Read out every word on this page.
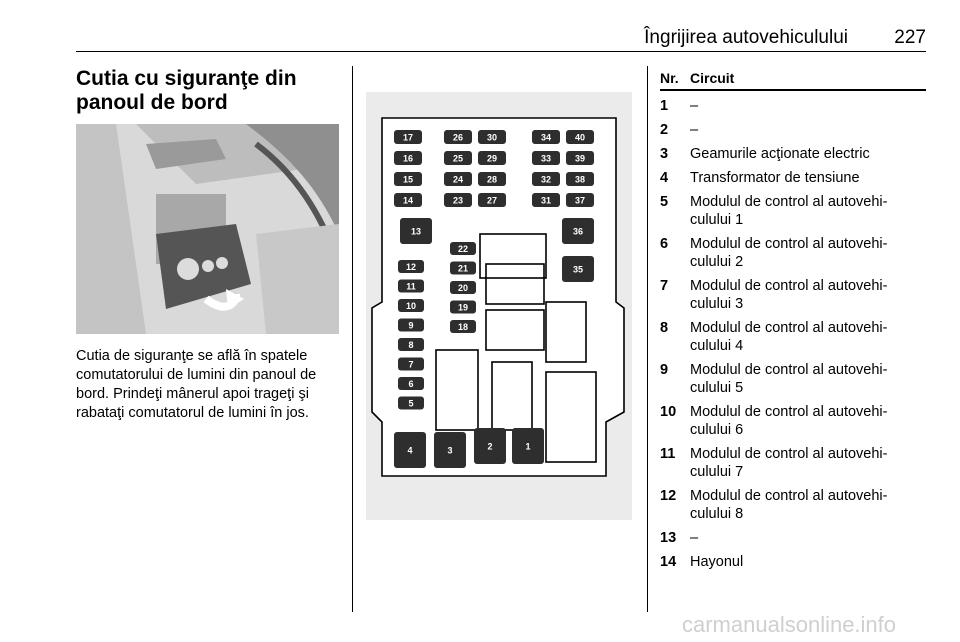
Îngrijirea autovehiculului 227
Cutia cu siguranţe din panoul de bord
Cutia de siguranţe se află în spatele comutatorului de lumini din panoul de bord. Prindeţi mânerul apoi trageţi şi rabataţi comutatorul de lumini în jos.
17
16
15
14
26
25
24
23
30
29
28
27
34
33
32
31
40
39
38
37
12
11
10
9
8
7
6
5
22
21
20
19
18
13	36
35
4	3	2	1
Nr. Circuit
1	–
2	–
3	Geamurile acţionate electric
4	Transformator de tensiune
5	Modulul de control al autovehi-
culului 1
6	Modulul de control al autovehi-
culului 2
7	Modulul de control al autovehi-
culului 3
8	Modulul de control al autovehi-
culului 4
9	Modulul de control al autovehi-
culului 5
10 Modulul de control al autovehi-
culului 6
11	Modulul de control al autovehi-
culului 7
12 Modulul de control al autovehi-
culului 8
13 –
14 Hayonul
carmanualsonline.info
